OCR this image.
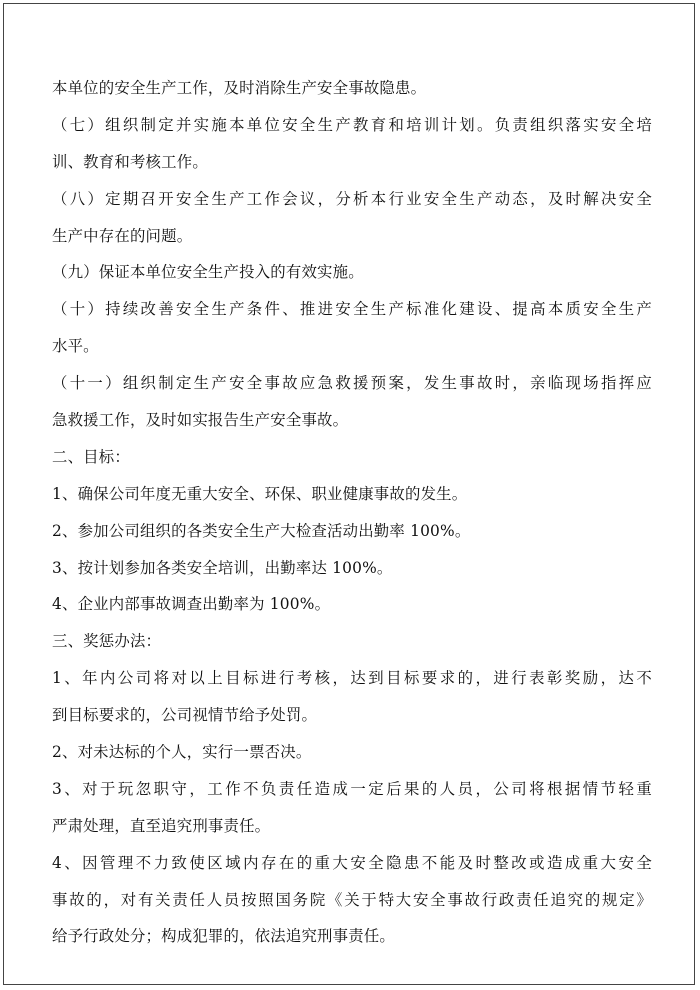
本单位的安全生产工作，及时消除生产安全事故隐患。
（七）组织制定并实施本单位安全生产教育和培训计划。负责组织落实安全培
训、教育和考核工作。
（八）定期召开安全生产工作会议，分析本行业安全生产动态，及时解决安全
生产中存在的问题。
（九）保证本单位安全生产投入的有效实施。
（十）持续改善安全生产条件、推进安全生产标准化建设、提高本质安全生产
水平。
（十一）组织制定生产安全事故应急救援预案，发生事故时，亲临现场指挥应
急救援工作，及时如实报告生产安全事故。
二、目标：
1、确保公司年度无重大安全、环保、职业健康事故的发生。
2、参加公司组织的各类安全生产大检查活动出勤率 100%。
3、按计划参加各类安全培训，出勤率达 100%。
4、企业内部事故调查出勤率为 100%。
三、奖惩办法：
1、年内公司将对以上目标进行考核，达到目标要求的，进行表彰奖励，达不
到目标要求的，公司视情节给予处罚。
2、对未达标的个人，实行一票否决。
3、对于玩忽职守，工作不负责任造成一定后果的人员，公司将根据情节轻重
严肃处理，直至追究刑事责任。
4、因管理不力致使区域内存在的重大安全隐患不能及时整改或造成重大安全
事故的，对有关责任人员按照国务院《关于特大安全事故行政责任追究的规定》
给予行政处分；构成犯罪的，依法追究刑事责任。
